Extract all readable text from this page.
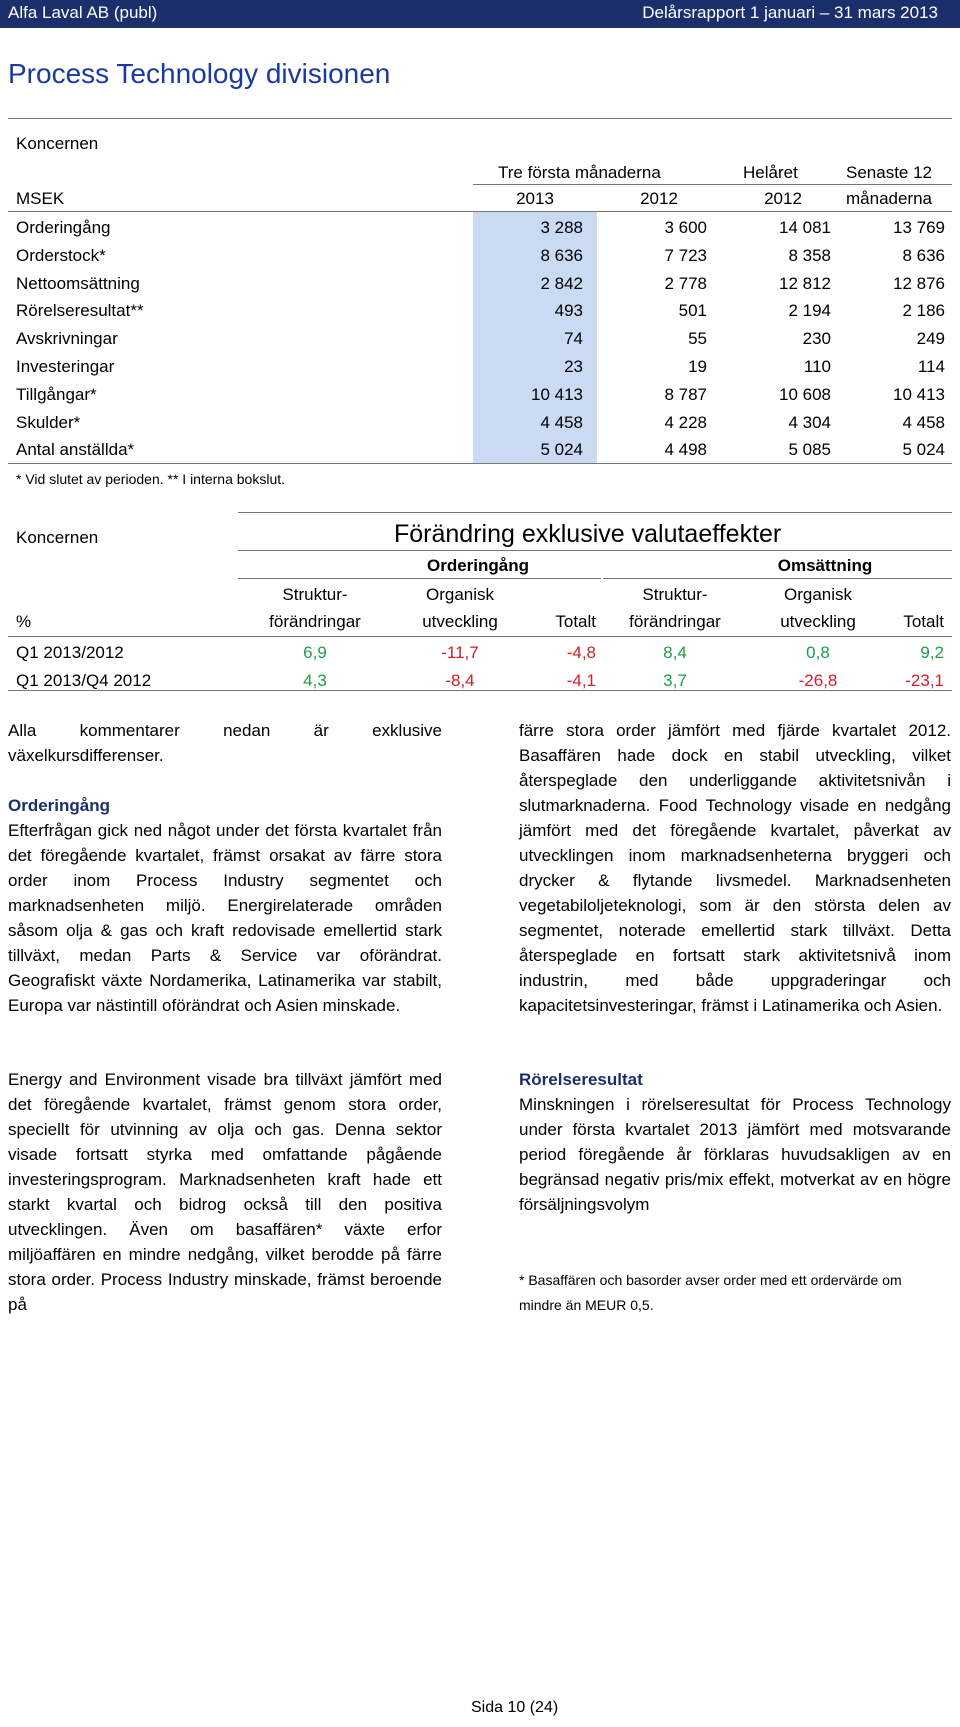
Alfa Laval AB (publ)	Delårsrapport 1 januari – 31 mars 2013
Process Technology divisionen
Koncernen
Tre första månaderna	Helåret	Senaste 12
MSEK	2013	2012	2012	månaderna
Orderingång	3 288	3 600	14 081	13 769
Orderstock*	8 636	7 723	8 358	8 636
Nettoomsättning	2 842	2 778	12 812	12 876
Rörelseresultat**	493	501	2 194	2 186
Avskrivningar	74	55	230	249
Investeringar	23	19	110	114
Tillgångar*	10 413	8 787	10 608	10 413
Skulder*	4 458	4 228	4 304	4 458
Antal anställda*	5 024	4 498	5 085	5 024
* Vid slutet av perioden. ** I interna bokslut.
Koncernen	Förändring exklusive valutaeffekter
Orderingång	Omsättning
Struktur-	Organisk	Struktur-	Organisk
%	förändringar	utveckling	Totalt	förändringar	utveckling	Totalt
Q1 2013/2012	6,9	-11,7	-4,8	8,4	0,8	9,2
Q1 2013/Q4 2012	4,3	-8,4	-4,1	3,7	-26,8	-23,1
Alla kommentarer nedan är exklusive växelkursdifferenser.
Orderingång
Efterfrågan gick ned något under det första kvartalet från det föregående kvartalet, främst orsakat av färre stora order inom Process Industry segmentet och marknadsenheten miljö. Energirelaterade områden såsom olja & gas och kraft redovisade emellertid stark tillväxt, medan Parts & Service var oförändrat. Geografiskt växte Nordamerika, Latinamerika var stabilt, Europa var nästintill oförändrat och Asien minskade.
Energy and Environment visade bra tillväxt jämfört med det föregående kvartalet, främst genom stora order, speciellt för utvinning av olja och gas. Denna sektor visade fortsatt styrka med omfattande pågående investeringsprogram. Marknadsenheten kraft hade ett starkt kvartal och bidrog också till den positiva utvecklingen. Även om basaffären* växte erfor miljöaffären en mindre nedgång, vilket berodde på färre stora order. Process Industry minskade, främst beroende på
färre stora order jämfört med fjärde kvartalet 2012. Basaffären hade dock en stabil utveckling, vilket återspeglade den underliggande aktivitetsnivån i slutmarknaderna. Food Technology visade en nedgång jämfört med det föregående kvartalet, påverkat av utvecklingen inom marknadsenheterna bryggeri och drycker & flytande livsmedel. Marknadsenheten vegetabiloljeteknologi, som är den största delen av segmentet, noterade emellertid stark tillväxt. Detta återspeglade en fortsatt stark aktivitetsnivå inom industrin, med både uppgraderingar och kapacitetsinvesteringar, främst i Latinamerika och Asien.
Rörelseresultat
Minskningen i rörelseresultat för Process Technology under första kvartalet 2013 jämfört med motsvarande period föregående år förklaras huvudsakligen av en begränsad negativ pris/mix effekt, motverkat av en högre försäljningsvolym
* Basaffären och basorder avser order med ett ordervärde om mindre än MEUR 0,5.
Sida 10 (24)
